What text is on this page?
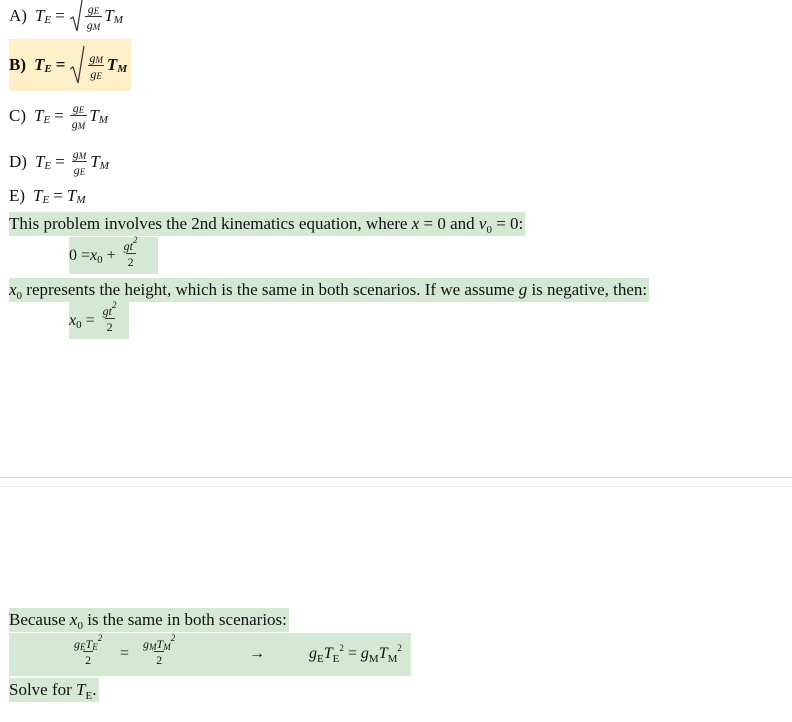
A) T $E = \frac{gE}{gM}$ T M
B) T $E = \frac{gM}{gE}$ T M
C) T $E = \frac{gE}{gM}$ T M
D) T $E = \frac{gM}{gE}$ T M
E) T E = T M
This problem involves the 2nd kinematics equation, where x = 0 and $v_0 = 0$:
0 = x $0 + \frac{gt^2}{2}$
$x_0$ represents the height, which is the same in both scenarios. If we assume g is negative, then:
x $0 = \frac{gt^2}{2}$
Because $x_0$ is the same in both scenarios:
gETE$^2$
2 =
gMTM$^2$
2	→	$g_ET_E^2 = g_MT_M^2$
Solve for $T_E$.
